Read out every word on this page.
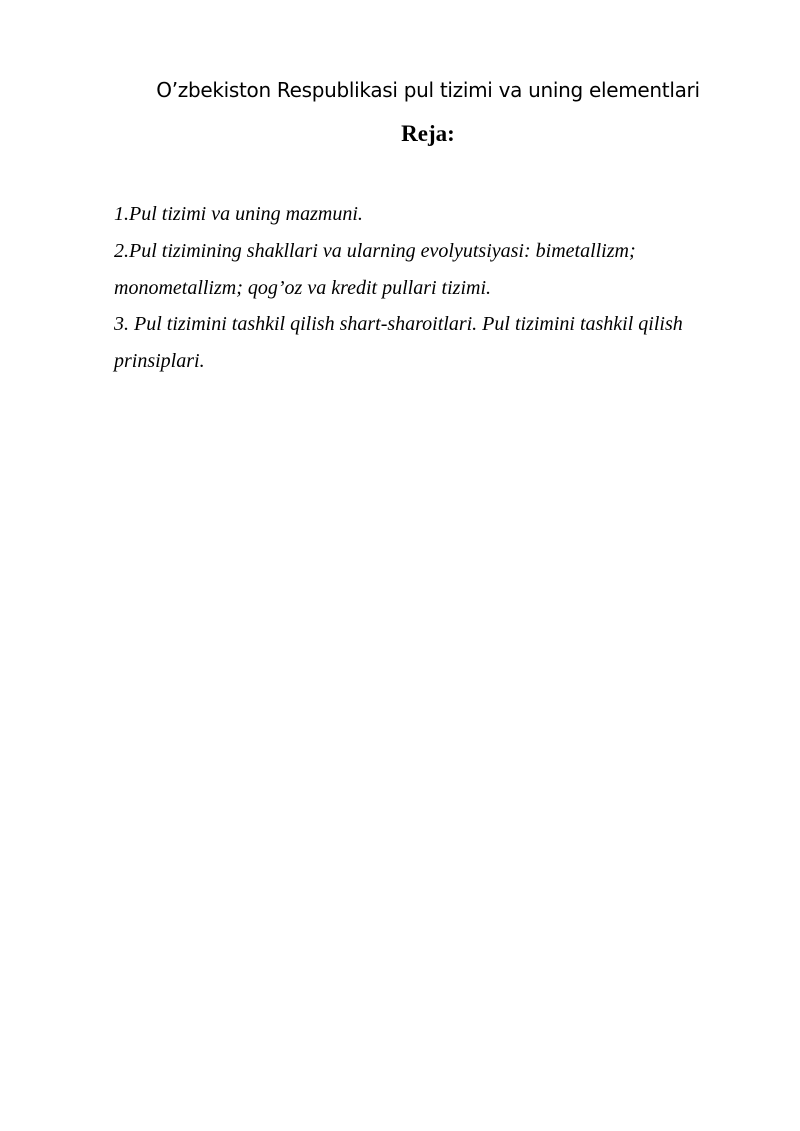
O’zbekiston Respublikasi pul tizimi va uning elementlari
Reja:
1.Pul tizimi va uning mazmuni.
2.Pul tizimining shakllari va ularning evolyutsiyasi: bimetallizm;
monometallizm; qog’oz va kredit pullari tizimi.
3. Pul tizimini tashkil qilish shart-sharoitlari. Pul tizimini tashkil qilish
prinsiplari.
